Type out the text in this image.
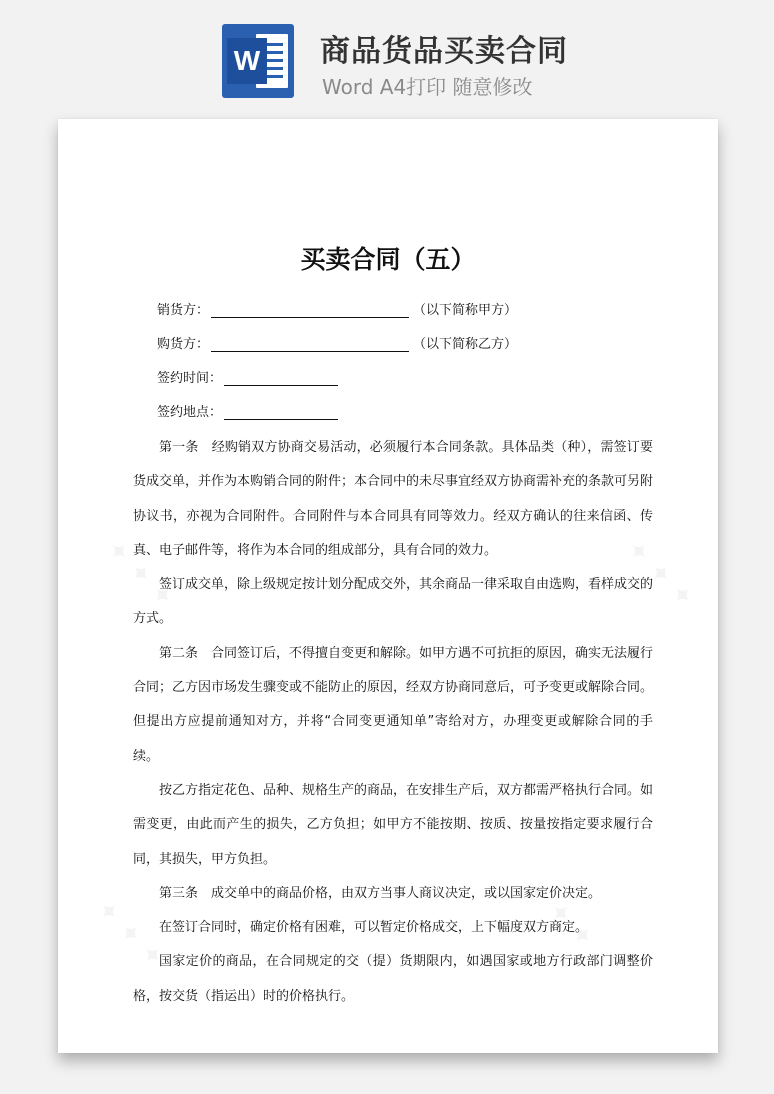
W 商品货品买卖合同
Word A4打印 随意修改
买卖合同（五）
销货方：	（以下简称甲方）
购货方：	（以下简称乙方）
签约时间：
签约地点：

第一条　经购销双方协商交易活动，必须履行本合同条款。具体品类（种），需签订要货成交单，并作为本购销合同的附件；本合同中的未尽事宜经双方协商需补充的条款可另附协议书，亦视为合同附件。合同附件与本合同具有同等效力。经双方确认的往来信函、传真、电子邮件等，将作为本合同的组成部分，具有合同的效力。

签订成交单，除上级规定按计划分配成交外，其余商品一律采取自由选购，看样成交的方式。

第二条　合同签订后，不得擅自变更和解除。如甲方遇不可抗拒的原因，确实无法履行合同；乙方因市场发生骤变或不能防止的原因，经双方协商同意后，可予变更或解除合同。但提出方应提前通知对方，并将“合同变更通知单”寄给对方，办理变更或解除合同的手续。

按乙方指定花色、品种、规格生产的商品，在安排生产后，双方都需严格执行合同。如需变更，由此而产生的损失，乙方负担；如甲方不能按期、按质、按量按指定要求履行合同，其损失，甲方负担。

第三条　成交单中的商品价格，由双方当事人商议决定，或以国家定价决定。

在签订合同时，确定价格有困难，可以暂定价格成交，上下幅度双方商定。

国家定价的商品，在合同规定的交（提）货期限内，如遇国家或地方行政部门调整价格，按交货（指运出）时的价格执行。
